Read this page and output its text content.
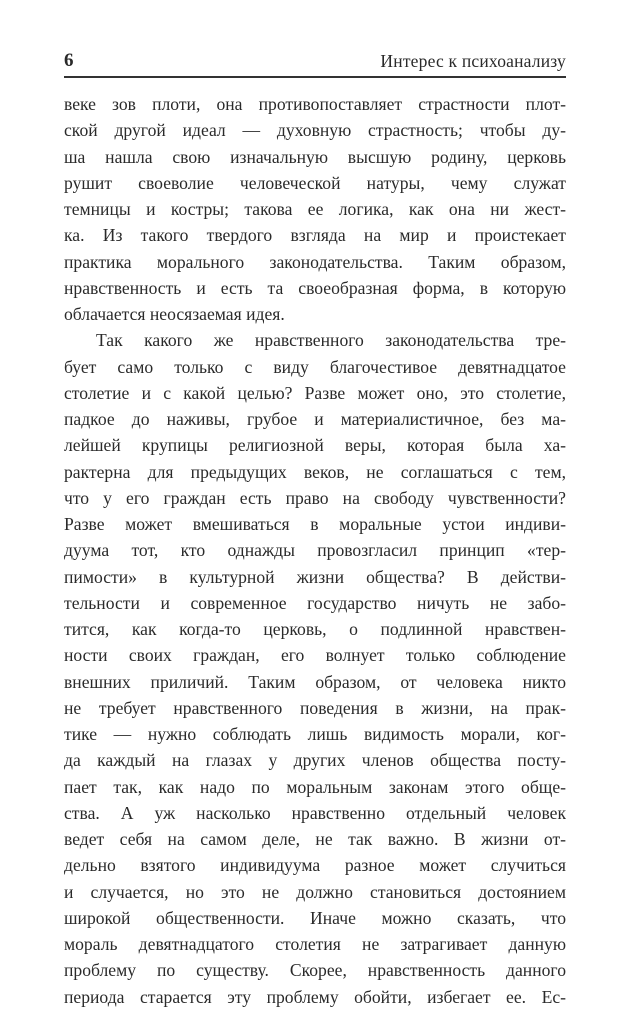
6	Интерес к психоанализу
веке зов плоти, она противопоставляет страстности плот-
ской другой идеал — духовную страстность; чтобы ду-
ша нашла свою изначальную высшую родину, церковь
рушит своеволие человеческой натуры, чему служат
темницы и костры; такова ее логика, как она ни жест-
ка. Из такого твердого взгляда на мир и проистекает
практика морального законодательства. Таким образом,
нравственность и есть та своеобразная форма, в которую
облачается неосязаемая идея.
Так какого же нравственного законодательства тре-
бует само только с виду благочестивое девятнадцатое
столетие и с какой целью? Разве может оно, это столетие,
падкое до наживы, грубое и материалистичное, без ма-
лейшей крупицы религиозной веры, которая была ха-
рактерна для предыдущих веков, не соглашаться с тем,
что у его граждан есть право на свободу чувственности?
Разве может вмешиваться в моральные устои индиви-
дуума тот, кто однажды провозгласил принцип «тер-
пимости» в культурной жизни общества? В действи-
тельности и современное государство ничуть не забо-
тится, как когда-то церковь, о подлинной нравствен-
ности своих граждан, его волнует только соблюдение
внешних приличий. Таким образом, от человека никто
не требует нравственного поведения в жизни, на прак-
тике — нужно соблюдать лишь видимость морали, ког-
да каждый на глазах у других членов общества посту-
пает так, как надо по моральным законам этого обще-
ства. А уж насколько нравственно отдельный человек
ведет себя на самом деле, не так важно. В жизни от-
дельно взятого индивидуума разное может случиться
и случается, но это не должно становиться достоянием
широкой общественности. Иначе можно сказать, что
мораль девятнадцатого столетия не затрагивает данную
проблему по существу. Скорее, нравственность данного
периода старается эту проблему обойти, избегает ее. Ес-
